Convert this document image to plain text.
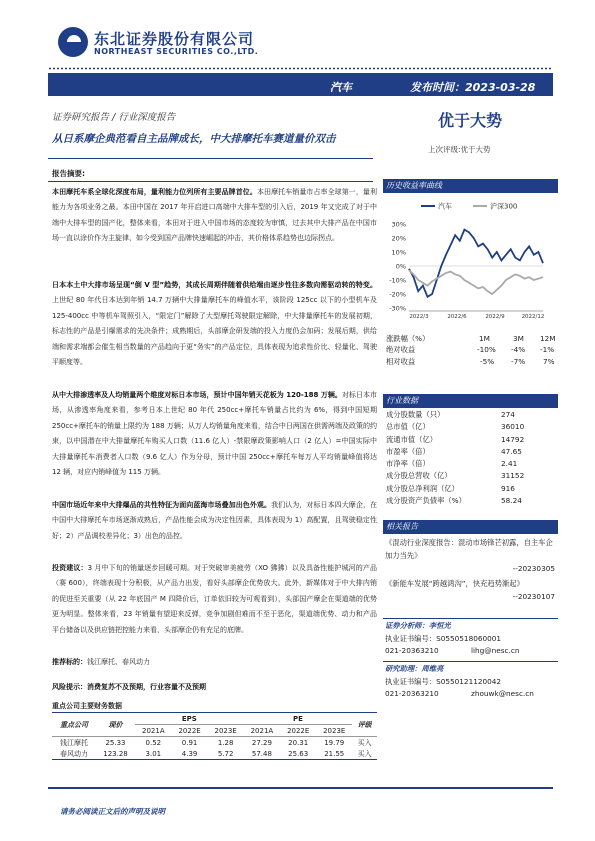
东北证券股份有限公司
NORTHEAST SECURITIES CO.,LTD.
汽车	发布时间：2023-03-28
证券研究报告 / 行业深度报告
从日系摩企典范看自主品牌成长，中大排摩托车赛道量价双击
优于大势
上次评级:优于大势
报告摘要:
本田摩托车系全球化深度布局，量利能力位列所有主要品牌首位。本田摩托车销量市占率全球第一，量利能力为各项业务之最。本田中国在 2017 年开启进口高端中大排车型的引入后，2019 年又完成了对于中端中大排车型的国产化，整体来看，本田对于进入中国市场的态度较为审慎，过去其中大排产品在中国市场一直以涂价作为主旋律，如今受到国产品牌快速崛起的冲击，其价格体系趋势也边际拐点。
日本本土中大排市场呈现“倒 V 型”趋势，其成长周期伴随着供给端由逐步性往多数向需驱动转的特变。上世纪 80 年代日本达到年销 14.7 万辆中大排量摩托车的峰值水平，该阶段 125cc 以下的小型机车及 125-400cc 中等机车驾照引入，“限定门”解除了大型摩托驾驶限定解除，中大排量摩托车的发展初期，标志性的产品是引爆需求的先决条件；成熟期后，头部摩企研发端的投入力度仍会加码；发展后期，供给端和需求端都会催生相当数量的产品趋向于更“务实”的产品定位，具体表现为追求性价比、轻量化、驾驶平顺度等。
从中大排渗透率及人均销量两个维度对标日本市场，预计中国年销天花板为 120-188 万辆。对标日本市场，从渗透率角度来看，参考日本上世纪 80 年代 250cc+摩托车销量占比约为 6%，得到中国短期 250cc+摩托车的销量上限约为 188 万辆；从万人均销量角度来看，结合中日两国在供需两端及政策的约束，以中国潜在中大排量摩托车购买人口数（11.6 亿人）-禁限摩政策影响人口（2 亿人）=中国实际中大排量摩托车消费者人口数（9.6 亿人）作为分母，预计中国 250cc+摩托车每万人平均销量峰值将达 12 辆，对应内销峰值为 115 万辆。
中国市场近年来中大排爆品的共性特征为面向蓝海市场叠加出色外观。我们认为，对标日本四大摩企，在中国中大排摩托车市场逐渐成熟后，产品性能会成为决定性因素，具体表现为 1）高配置，且驾驶稳定性好；2）产品调校差异化；3）出色的品控。
投资建议：3 月中下旬的销量逐步回暖可期。对于突破审美疲劳（XO 狒狒）以及具备性能护城河的产品（赛 600），终端表现十分积极，从产品力出发，看好头部摩企优势放大。此外，新媒体对于中大排内销的促进至关重要（从 22 年底国产 M 四降价后，订单依旧较为可观看到），头部国产摩企在渠道端的优势更为明显。整体来看，23 年销量有望迎来反弹，竞争加剧但难而不至于恶化，渠道端优势、动力和产品平台储备以及供应链把控能力来看，头部摩企仍有充足的底牌。
推荐标的：钱江摩托、春风动力
风险提示：消费复苏不及预期，行业容量不及预期
重点公司主要财务数据
重点公司	现价	EPS			PE			评级
		2021A	2022E	2023E	2021A	2022E	2023E	
钱江摩托	25.33	0.52	0.91	1.28	27.29	20.31	19.79	买入
春风动力	123.28	3.01	4.39	5.72	57.48	25.63	21.55	买入
历史收益率曲线
30%
20%
10%
0%
-10%
-20%
-30%
2022/3	2022/6	2022/9	2022/12
汽车	沪深300
涨跌幅（%）	1M	3M 12M
绝对收益	-10% -4% -1%
相对收益	-5% -7% 7%
行业数据
成分股数量（只）	274
总市值（亿）	36010
流通市值（亿）	14792
市盈率（倍）	47.65
市净率（倍）	2.41
成分股总营收（亿）	31152
成分股总净利润（亿）	916
成分股资产负债率（%）	58.24
相关报告
《混动行业深度报告：混动市场锋芒初露，自主车企加力当先》
--20230305
《新能车发展“跨越鸿沟”，快充趋势渐起》
--20230107
证券分析师：李恒光
执业证书编号：S0550518060001
021-20363210	lihg@nesc.cn
研究助理：周维亮
执业证书编号：S0550121120042
021-20363210	zhouwk@nesc.cn
请务必阅读正文后的声明及说明
